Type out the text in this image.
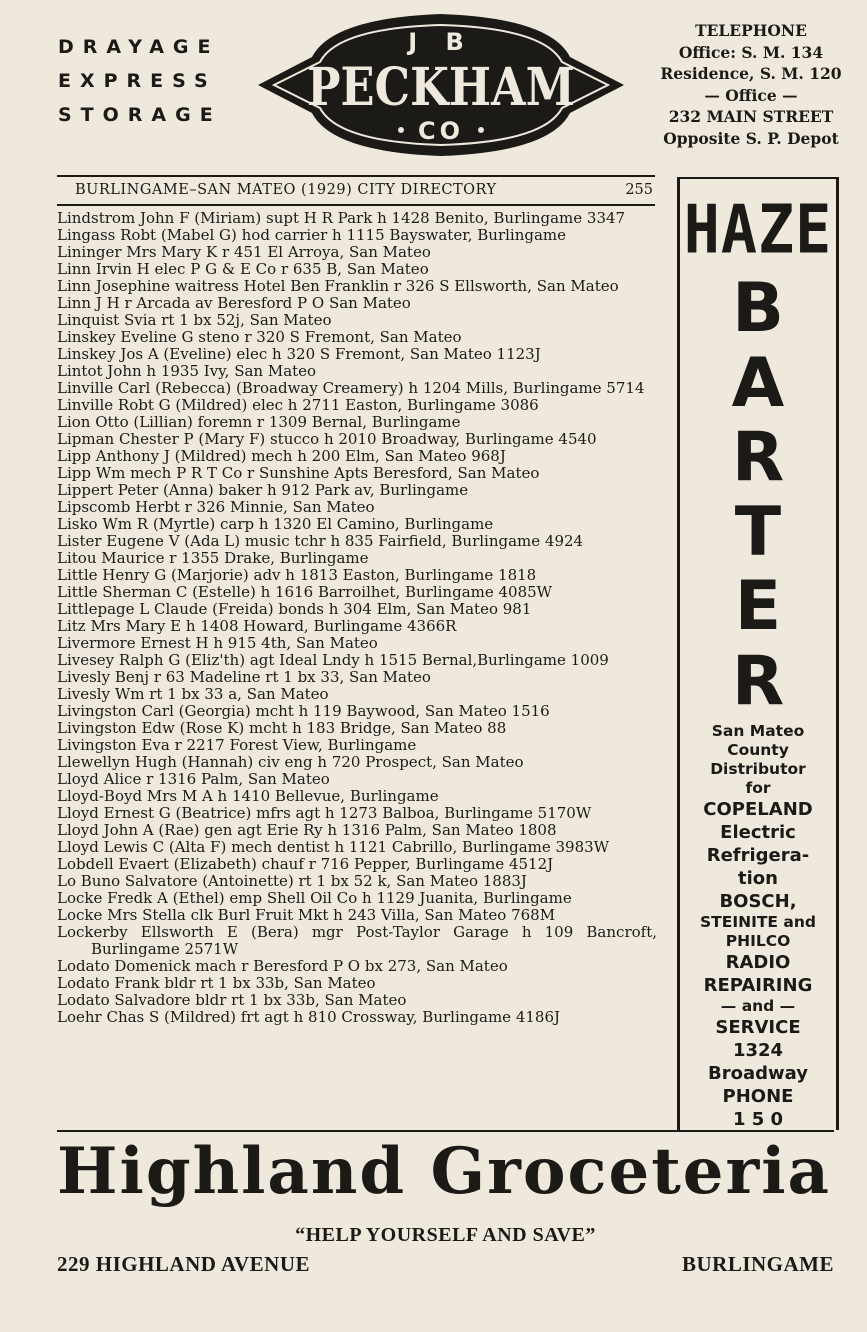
DRAYAGE
EXPRESS
STORAGE
J B
PECKHAM
CO
TELEPHONE
Office: S. M. 134
Residence, S. M. 120
— Office —
232 MAIN STREET
Opposite S. P. Depot
BURLINGAME–SAN MATEO (1929) CITY DIRECTORY	255
Lindstrom John F (Miriam) supt H R Park h 1428 Benito, Burlingame 3347
Lingass Robt (Mabel G) hod carrier h 1115 Bayswater, Burlingame
Lininger Mrs Mary K r 451 El Arroya, San Mateo
Linn Irvin H elec P G & E Co r 635 B, San Mateo
Linn Josephine waitress Hotel Ben Franklin r 326 S Ellsworth, San Mateo
Linn J H r Arcada av Beresford P O San Mateo
Linquist Svia rt 1 bx 52j, San Mateo
Linskey Eveline G steno r 320 S Fremont, San Mateo
Linskey Jos A (Eveline) elec h 320 S Fremont, San Mateo 1123J
Lintot John h 1935 Ivy, San Mateo
Linville Carl (Rebecca) (Broadway Creamery) h 1204 Mills, Burlingame 5714
Linville Robt G (Mildred) elec h 2711 Easton, Burlingame 3086
Lion Otto (Lillian) foremn r 1309 Bernal, Burlingame
Lipman Chester P (Mary F) stucco h 2010 Broadway, Burlingame 4540
Lipp Anthony J (Mildred) mech h 200 Elm, San Mateo 968J
Lipp Wm mech P R T Co r Sunshine Apts Beresford, San Mateo
Lippert Peter (Anna) baker h 912 Park av, Burlingame
Lipscomb Herbt r 326 Minnie, San Mateo
Lisko Wm R (Myrtle) carp h 1320 El Camino, Burlingame
Lister Eugene V (Ada L) music tchr h 835 Fairfield, Burlingame 4924
Litou Maurice r 1355 Drake, Burlingame
Little Henry G (Marjorie) adv h 1813 Easton, Burlingame 1818
Little Sherman C (Estelle) h 1616 Barroilhet, Burlingame 4085W
Littlepage L Claude (Freida) bonds h 304 Elm, San Mateo 981
Litz Mrs Mary E h 1408 Howard, Burlingame 4366R
Livermore Ernest H h 915 4th, San Mateo
Livesey Ralph G (Eliz'th) agt Ideal Lndy h 1515 Bernal,Burlingame 1009
Livesly Benj r 63 Madeline rt 1 bx 33, San Mateo
Livesly Wm rt 1 bx 33 a, San Mateo
Livingston Carl (Georgia) mcht h 119 Baywood, San Mateo 1516
Livingston Edw (Rose K) mcht h 183 Bridge, San Mateo 88
Livingston Eva r 2217 Forest View, Burlingame
Llewellyn Hugh (Hannah) civ eng h 720 Prospect, San Mateo
Lloyd Alice r 1316 Palm, San Mateo
Lloyd-Boyd Mrs M A h 1410 Bellevue, Burlingame
Lloyd Ernest G (Beatrice) mfrs agt h 1273 Balboa, Burlingame 5170W
Lloyd John A (Rae) gen agt Erie Ry h 1316 Palm, San Mateo 1808
Lloyd Lewis C (Alta F) mech dentist h 1121 Cabrillo, Burlingame 3983W
Lobdell Evaert (Elizabeth) chauf r 716 Pepper, Burlingame 4512J
Lo Buno Salvatore (Antoinette) rt 1 bx 52 k, San Mateo 1883J
Locke Fredk A (Ethel) emp Shell Oil Co h 1129 Juanita, Burlingame
Locke Mrs Stella clk Burl Fruit Mkt h 243 Villa, San Mateo 768M
Lockerby Ellsworth E (Bera) mgr Post-Taylor Garage h 109 Bancroft, Burlingame 2571W
Lodato Domenick mach r Beresford P O bx 273, San Mateo
Lodato Frank bldr rt 1 bx 33b, San Mateo
Lodato Salvadore bldr rt 1 bx 33b, San Mateo
Loehr Chas S (Mildred) frt agt h 810 Crossway, Burlingame 4186J
HAZE
B
A
R
T
E
R
San Mateo
County
Distributor
for
COPELAND
Electric
Refrigera-
tion
BOSCH,
STEINITE and
PHILCO
RADIO
REPAIRING
— and —
SERVICE
1324
Broadway
PHONE
1 5 0
Highland Groceteria
“HELP YOURSELF AND SAVE”
229 HIGHLAND AVENUE	BURLINGAME
